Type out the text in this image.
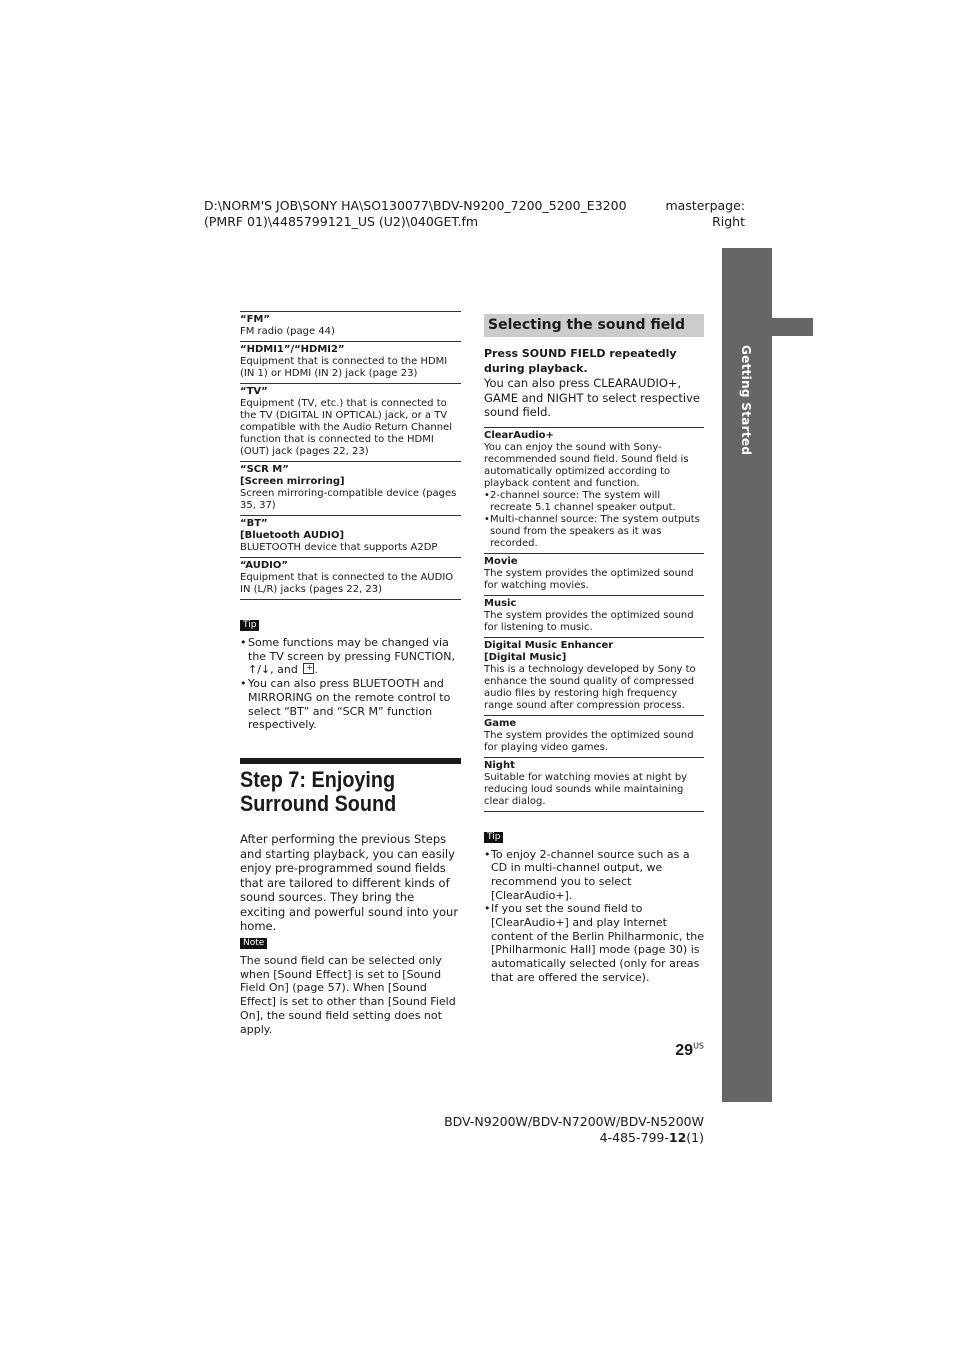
D:\NORM'S JOB\SONY HA\SO130077\BDV-N9200_7200_5200_E3200
(PMRF 01)\4485799121_US (U2)\040GET.fm
masterpage:
Right
Getting Started
“FM”
FM radio (page 44)
“HDMI1”/“HDMI2”
Equipment that is connected to the HDMI (IN 1) or HDMI (IN 2) jack (page 23)
“TV”
Equipment (TV, etc.) that is connected to the TV (DIGITAL IN OPTICAL) jack, or a TV compatible with the Audio Return Channel function that is connected to the HDMI (OUT) jack (pages 22, 23)
“SCR M”
[Screen mirroring]
Screen mirroring-compatible device (pages 35, 37)
“BT”
[Bluetooth AUDIO]
BLUETOOTH device that supports A2DP
“AUDIO”
Equipment that is connected to the AUDIO IN (L/R) jacks (pages 22, 23)
Tip
• Some functions may be changed via the TV screen by pressing FUNCTION, ↑/↓, and + .
• You can also press BLUETOOTH and MIRRORING on the remote control to select “BT” and “SCR M” function respectively.
Step 7: Enjoying
Surround Sound
After performing the previous Steps and starting playback, you can easily enjoy pre-programmed sound fields that are tailored to different kinds of sound sources. They bring the exciting and powerful sound into your home.
Note
The sound field can be selected only when [Sound Effect] is set to [Sound Field On] (page 57). When [Sound Effect] is set to other than [Sound Field On], the sound field setting does not apply.
Selecting the sound field
Press SOUND FIELD repeatedly during playback.
You can also press CLEARAUDIO+, GAME and NIGHT to select respective sound field.
ClearAudio+
You can enjoy the sound with Sony-recommended sound field. Sound field is automatically optimized according to playback content and function.
• 2-channel source: The system will recreate 5.1 channel speaker output.
• Multi-channel source: The system outputs sound from the speakers as it was recorded.
Movie
The system provides the optimized sound for watching movies.
Music
The system provides the optimized sound for listening to music.
Digital Music Enhancer
[Digital Music]
This is a technology developed by Sony to enhance the sound quality of compressed audio files by restoring high frequency range sound after compression process.
Game
The system provides the optimized sound for playing video games.
Night
Suitable for watching movies at night by reducing loud sounds while maintaining clear dialog.
Tip
• To enjoy 2-channel source such as a CD in multi-channel output, we recommend you to select [ClearAudio+].
• If you set the sound field to [ClearAudio+] and play Internet content of the Berlin Philharmonic, the [Philharmonic Hall] mode (page 30) is automatically selected (only for areas that are offered the service).
$29^{US}$
BDV-N9200W/BDV-N7200W/BDV-N5200W
4-485-799-12(1)
